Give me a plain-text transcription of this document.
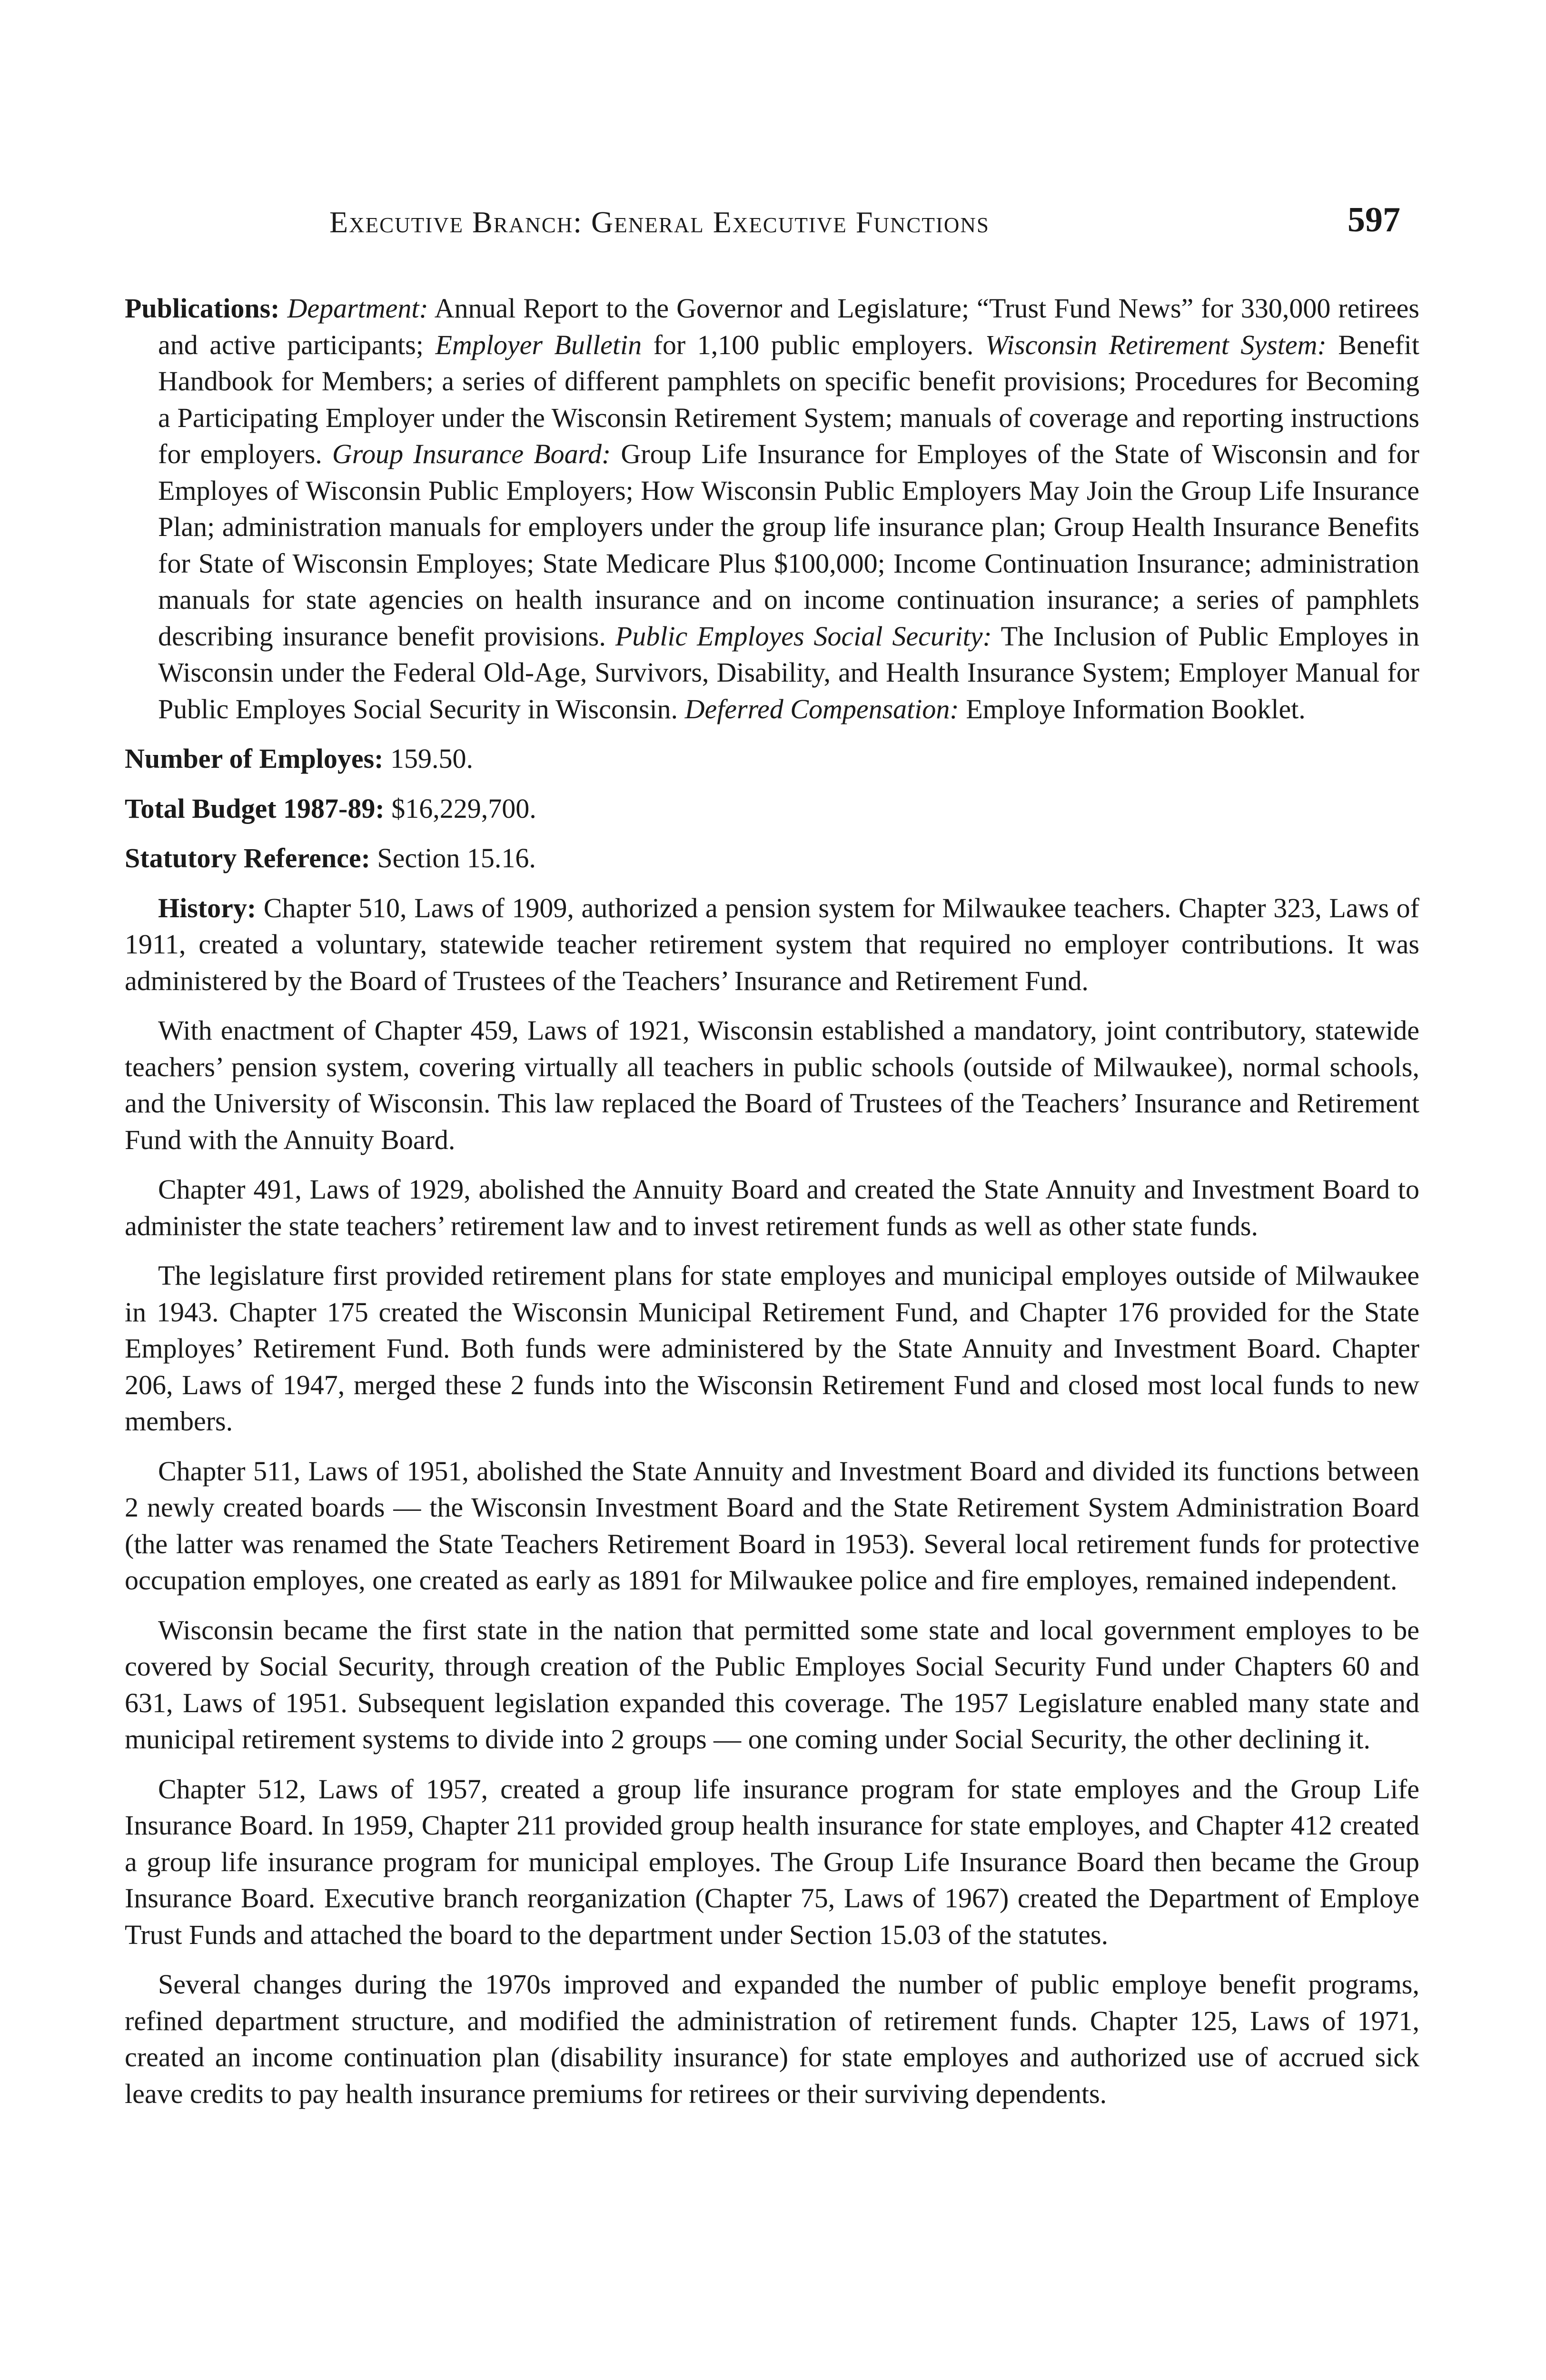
Executive Branch: General Executive Functions	597

Publications: Department: Annual Report to the Governor and Legislature; “Trust Fund News” for 330,000 retirees and active participants; Employer Bulletin for 1,100 public employers. Wisconsin Retirement System: Benefit Handbook for Members; a series of different pamphlets on specific benefit provisions; Procedures for Becoming a Participating Employer under the Wisconsin Retirement System; manuals of coverage and reporting instructions for employers. Group Insurance Board: Group Life Insurance for Employes of the State of Wisconsin and for Employes of Wisconsin Public Employers; How Wisconsin Public Employers May Join the Group Life Insurance Plan; administration manuals for employers under the group life insurance plan; Group Health Insurance Benefits for State of Wisconsin Employes; State Medicare Plus $100,000; Income Continuation Insurance; administration manuals for state agencies on health insurance and on income continuation insurance; a series of pamphlets describing insurance benefit provisions. Public Employes Social Security: The Inclusion of Public Employes in Wisconsin under the Federal Old-Age, Survivors, Disability, and Health Insurance System; Employer Manual for Public Employes Social Security in Wisconsin. Deferred Compensation: Employe Information Booklet.

Number of Employes: 159.50.

Total Budget 1987-89: $16,229,700.

Statutory Reference: Section 15.16.

History: Chapter 510, Laws of 1909, authorized a pension system for Milwaukee teachers. Chapter 323, Laws of 1911, created a voluntary, statewide teacher retirement system that required no employer contributions. It was administered by the Board of Trustees of the Teachers’ Insurance and Retirement Fund.

With enactment of Chapter 459, Laws of 1921, Wisconsin established a mandatory, joint contributory, statewide teachers’ pension system, covering virtually all teachers in public schools (outside of Milwaukee), normal schools, and the University of Wisconsin. This law replaced the Board of Trustees of the Teachers’ Insurance and Retirement Fund with the Annuity Board.

Chapter 491, Laws of 1929, abolished the Annuity Board and created the State Annuity and Investment Board to administer the state teachers’ retirement law and to invest retirement funds as well as other state funds.

The legislature first provided retirement plans for state employes and municipal employes outside of Milwaukee in 1943. Chapter 175 created the Wisconsin Municipal Retirement Fund, and Chapter 176 provided for the State Employes’ Retirement Fund. Both funds were administered by the State Annuity and Investment Board. Chapter 206, Laws of 1947, merged these 2 funds into the Wisconsin Retirement Fund and closed most local funds to new members.

Chapter 511, Laws of 1951, abolished the State Annuity and Investment Board and divided its functions between 2 newly created boards — the Wisconsin Investment Board and the State Retirement System Administration Board (the latter was renamed the State Teachers Retirement Board in 1953). Several local retirement funds for protective occupation employes, one created as early as 1891 for Milwaukee police and fire employes, remained independent.

Wisconsin became the first state in the nation that permitted some state and local government employes to be covered by Social Security, through creation of the Public Employes Social Security Fund under Chapters 60 and 631, Laws of 1951. Subsequent legislation expanded this coverage. The 1957 Legislature enabled many state and municipal retirement systems to divide into 2 groups — one coming under Social Security, the other declining it.

Chapter 512, Laws of 1957, created a group life insurance program for state employes and the Group Life Insurance Board. In 1959, Chapter 211 provided group health insurance for state employes, and Chapter 412 created a group life insurance program for municipal employes. The Group Life Insurance Board then became the Group Insurance Board. Executive branch reorganization (Chapter 75, Laws of 1967) created the Department of Employe Trust Funds and attached the board to the department under Section 15.03 of the statutes.

Several changes during the 1970s improved and expanded the number of public employe benefit programs, refined department structure, and modified the administration of retirement funds. Chapter 125, Laws of 1971, created an income continuation plan (disability insurance) for state employes and authorized use of accrued sick leave credits to pay health insurance premiums for retirees or their surviving dependents.
